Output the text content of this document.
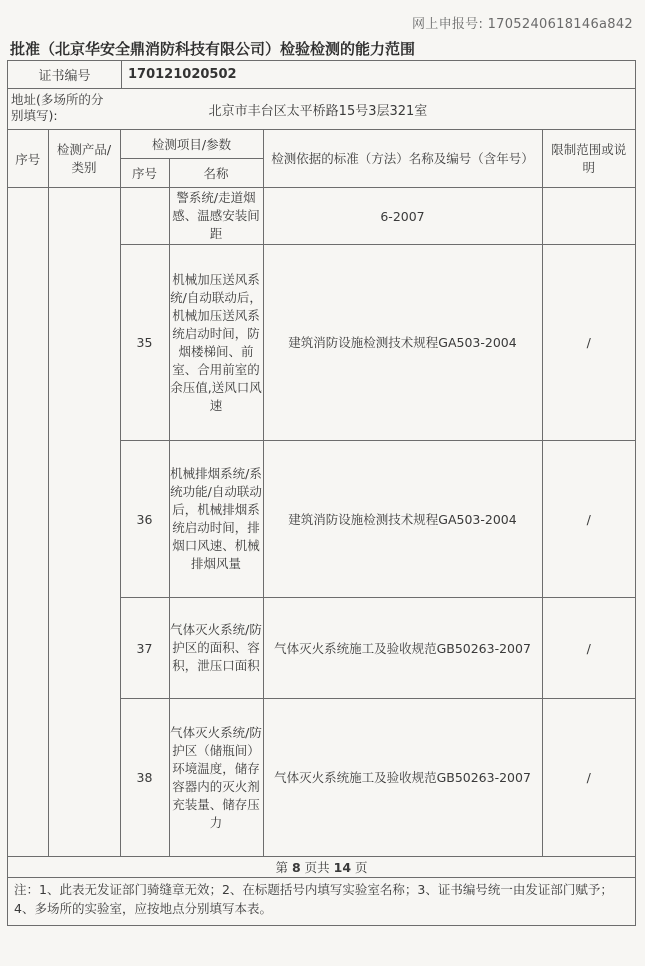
网上申报号: 1705240618146a842
批准（北京华安全鼎消防科技有限公司）检验检测的能力范围
证书编号	170121020502
地址(多场所的分别填写):	北京市丰台区太平桥路15号3层321室
序号	检测产品/类别	检测项目/参数		检测依据的标准（方法）名称及编号（含年号）	限制范围或说明
		序号	名称		
			警系统/走道烟感、温感安装间距	6-2007	
		35	机械加压送风系统/自动联动后，机械加压送风系统启动时间，防烟楼梯间、前室、合用前室的余压值,送风口风速	建筑消防设施检测技术规程GA503-2004	/
		36	机械排烟系统/系统功能/自动联动后，机械排烟系统启动时间，排烟口风速、机械排烟风量	建筑消防设施检测技术规程GA503-2004	/
		37	气体灭火系统/防护区的面积、容积，泄压口面积	气体灭火系统施工及验收规范GB50263-2007	/
		38	气体灭火系统/防护区（储瓶间）环境温度，储存容器内的灭火剂充装量、储存压力	气体灭火系统施工及验收规范GB50263-2007	/
第 8 页共 14 页					
注：1、此表无发证部门骑缝章无效；2、在标题括号内填写实验室名称；3、证书编号统一由发证部门赋予；4、多场所的实验室，应按地点分别填写本表。
